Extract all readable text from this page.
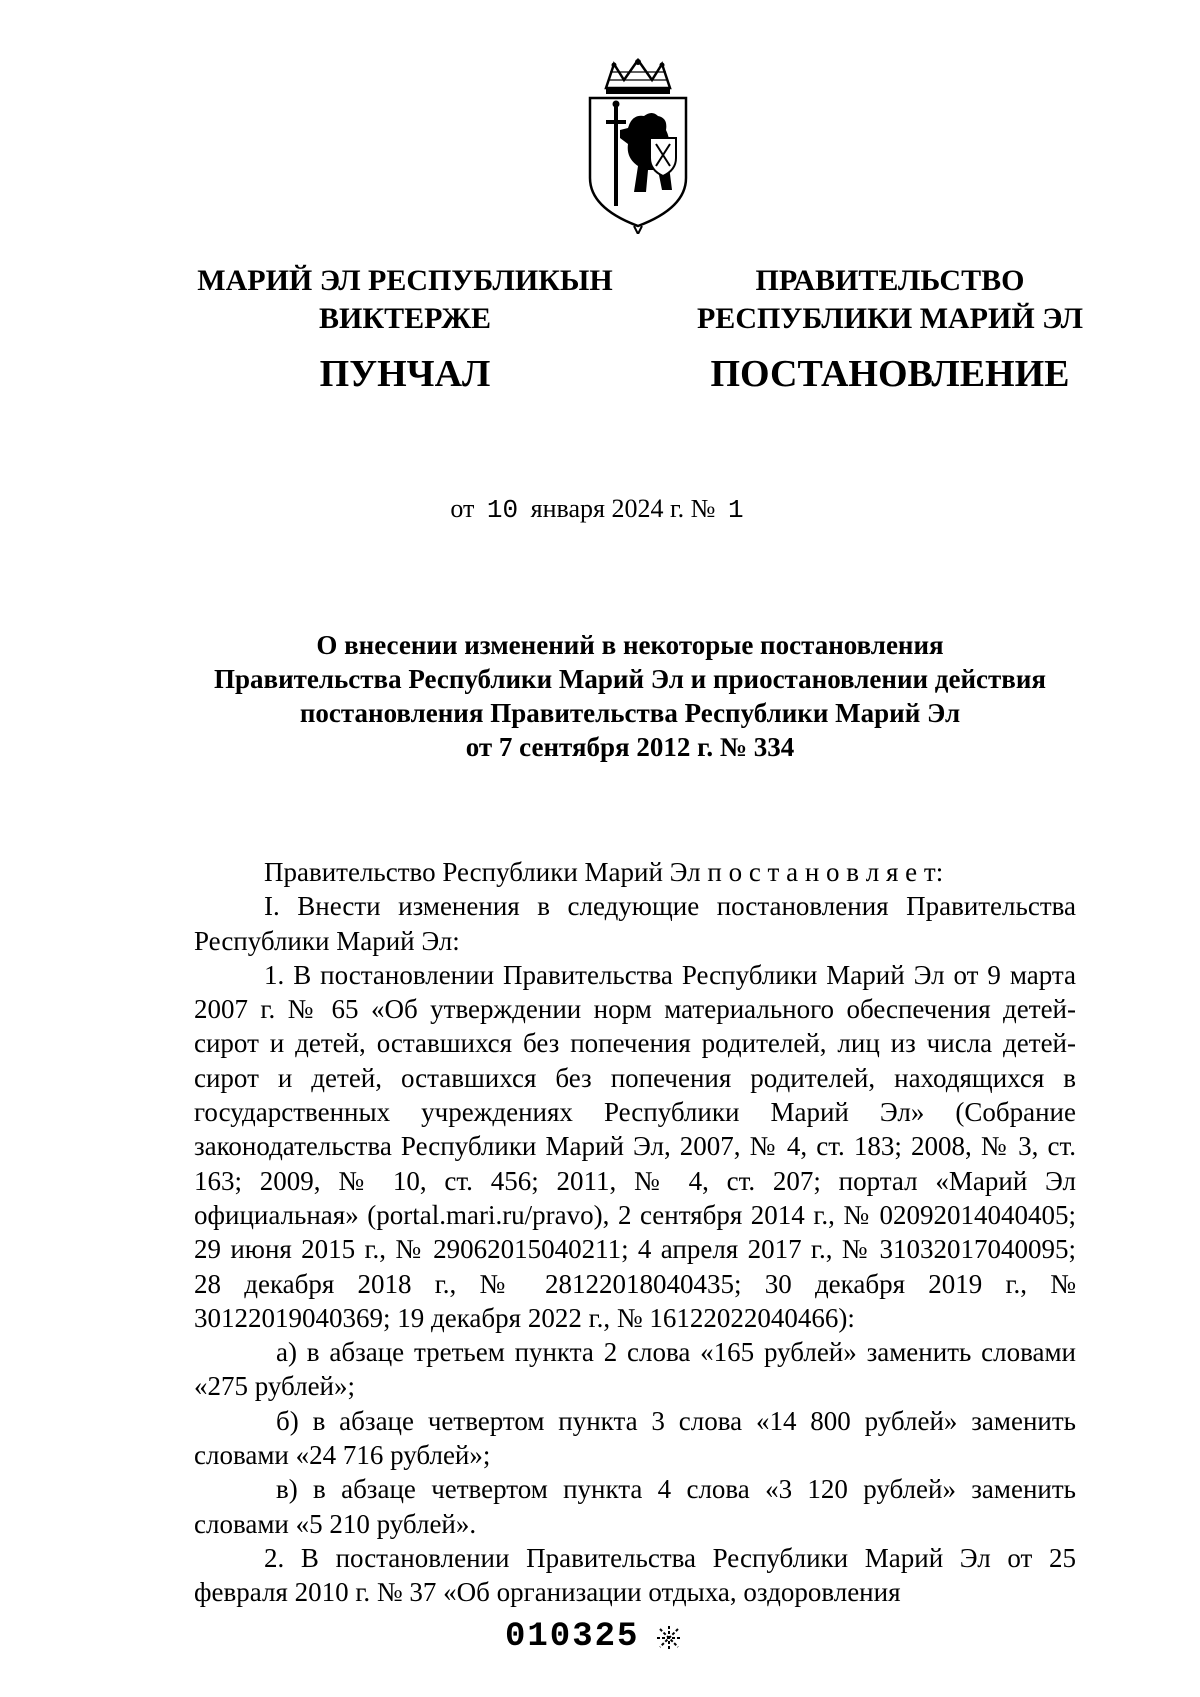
МАРИЙ ЭЛ РЕСПУБЛИКЫН
ВИКТЕРЖЕ
ПУНЧАЛ
ПРАВИТЕЛЬСТВО
РЕСПУБЛИКИ МАРИЙ ЭЛ
ПОСТАНОВЛЕНИЕ
от 10 января 2024 г. № 1
О внесении изменений в некоторые постановления
Правительства Республики Марий Эл и приостановлении действия
постановления Правительства Республики Марий Эл
от 7 сентября 2012 г. № 334

Правительство Республики Марий Эл п о с т а н о в л я е т:

I. Внести изменения в следующие постановления Правительства Республики Марий Эл:

1. В постановлении Правительства Республики Марий Эл от 9 марта 2007 г. № 65 «Об утверждении норм материального обеспечения детей-сирот и детей, оставшихся без попечения родителей, лиц из числа детей-сирот и детей, оставшихся без попечения родителей, находящихся в государственных учреждениях Республики Марий Эл» (Собрание законодательства Республики Марий Эл, 2007, № 4, ст. 183; 2008, № 3, ст. 163; 2009, № 10, ст. 456; 2011, № 4, ст. 207; портал «Марий Эл официальная» (portal.mari.ru/pravo), 2 сентября 2014 г., № 02092014040405; 29 июня 2015 г., № 29062015040211; 4 апреля 2017 г., № 31032017040095; 28 декабря 2018 г., № 28122018040435; 30 декабря 2019 г., № 30122019040369; 19 декабря 2022 г., № 16122022040466):

а) в абзаце третьем пункта 2 слова «165 рублей» заменить словами «275 рублей»;

б) в абзаце четвертом пункта 3 слова «14 800 рублей» заменить словами «24 716 рублей»;

в) в абзаце четвертом пункта 4 слова «3 120 рублей» заменить словами «5 210 рублей».

2. В постановлении Правительства Республики Марий Эл от 25 февраля 2010 г. № 37 «Об организации отдыха, оздоровления

010325
